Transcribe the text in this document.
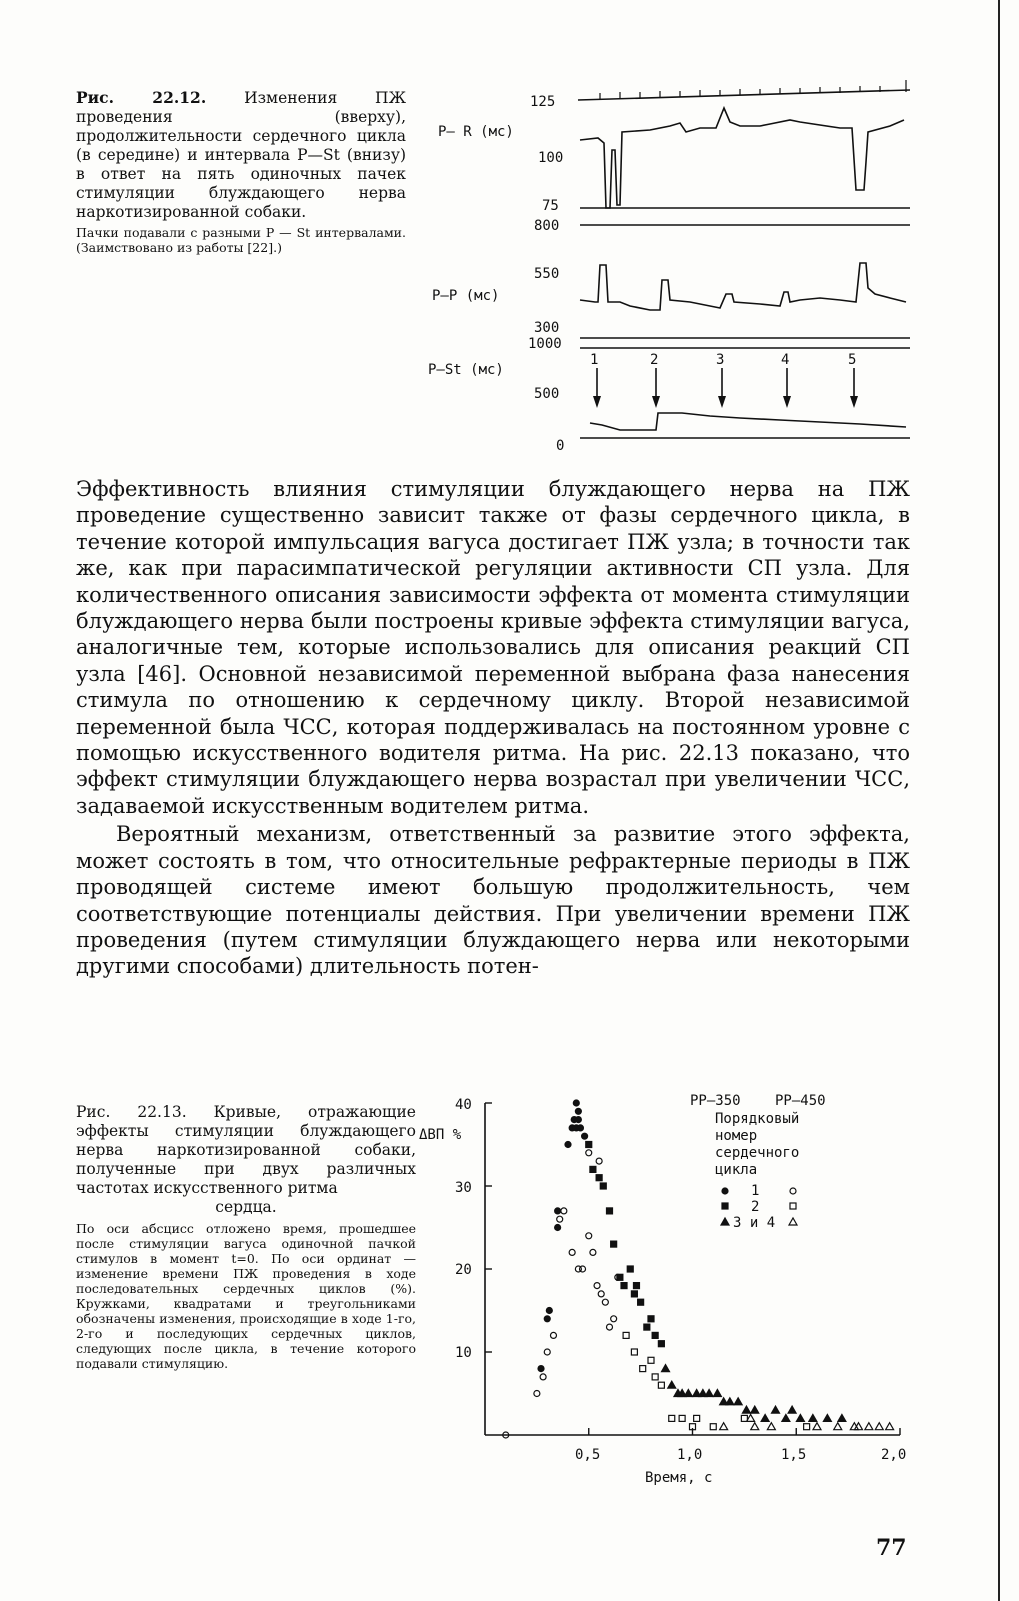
Рис. 22.12. Изменения ПЖ проведения (вверху), продолжительности сердечного цикла (в середине) и интервала P—St (внизу) в ответ на пять одиночных пачек стимуляции блуждающего нерва наркотизированной собаки.
Пачки подавали с разными P — St интервалами. (Заимствовано из работы [22].)
P– R (мс)
125
100
75
P–P (мс)
800
550
300
P–St (мс)
1000
500
0
1	2	3	4	5

Эффективность влияния стимуляции блуждающего нерва на ПЖ проведение существенно зависит также от фазы сердечного цикла, в течение которой импульсация вагуса достигает ПЖ узла; в точности так же, как при парасимпатической регуляции активности СП узла. Для количественного описания зависимости эффекта от момента стимуляции блуждающего нерва были построены кривые эффекта стимуляции вагуса, аналогичные тем, которые использовались для описания реакций СП узла [46]. Основной независимой переменной выбрана фаза нанесения стимула по отношению к сердечному циклу. Второй независимой переменной была ЧСС, которая поддерживалась на постоянном уровне с помощью искусственного водителя ритма. На рис. 22.13 показано, что эффект стимуляции блуждающего нерва возрастал при увеличении ЧСС, задаваемой искусственным водителем ритма.

Вероятный механизм, ответственный за развитие этого эффекта, может состоять в том, что относительные рефрактерные периоды в ПЖ проводящей системе имеют большую продолжительность, чем соответствующие потенциалы действия. При увеличении времени ПЖ проведения (путем стимуляции блуждающего нерва или некоторыми другими способами) длительность потен-

Рис. 22.13. Кривые, отражающие эффекты стимуляции блуждающего нерва наркотизированной собаки, полученные при двух различных частотах искусственного ритма
сердца.
По оси абсцисс отложено время, прошедшее после стимуляции вагуса одиночной пачкой стимулов в момент t=0. По оси ординат — изменение времени ПЖ проведения в ходе последовательных сердечных циклов (%). Кружками, квадратами и треугольниками обозначены изменения, происходящие в ходе 1-го, 2-го и последующих сердечных циклов, следующих после цикла, в течение которого подавали стимуляцию.
ΔВП %
Время, с
40
30
20
10
0,5	1,0	1,5	2,0
PP–350 PP–450
Порядковый
номер
сердечного
цикла
1
2
3 и 4
77
